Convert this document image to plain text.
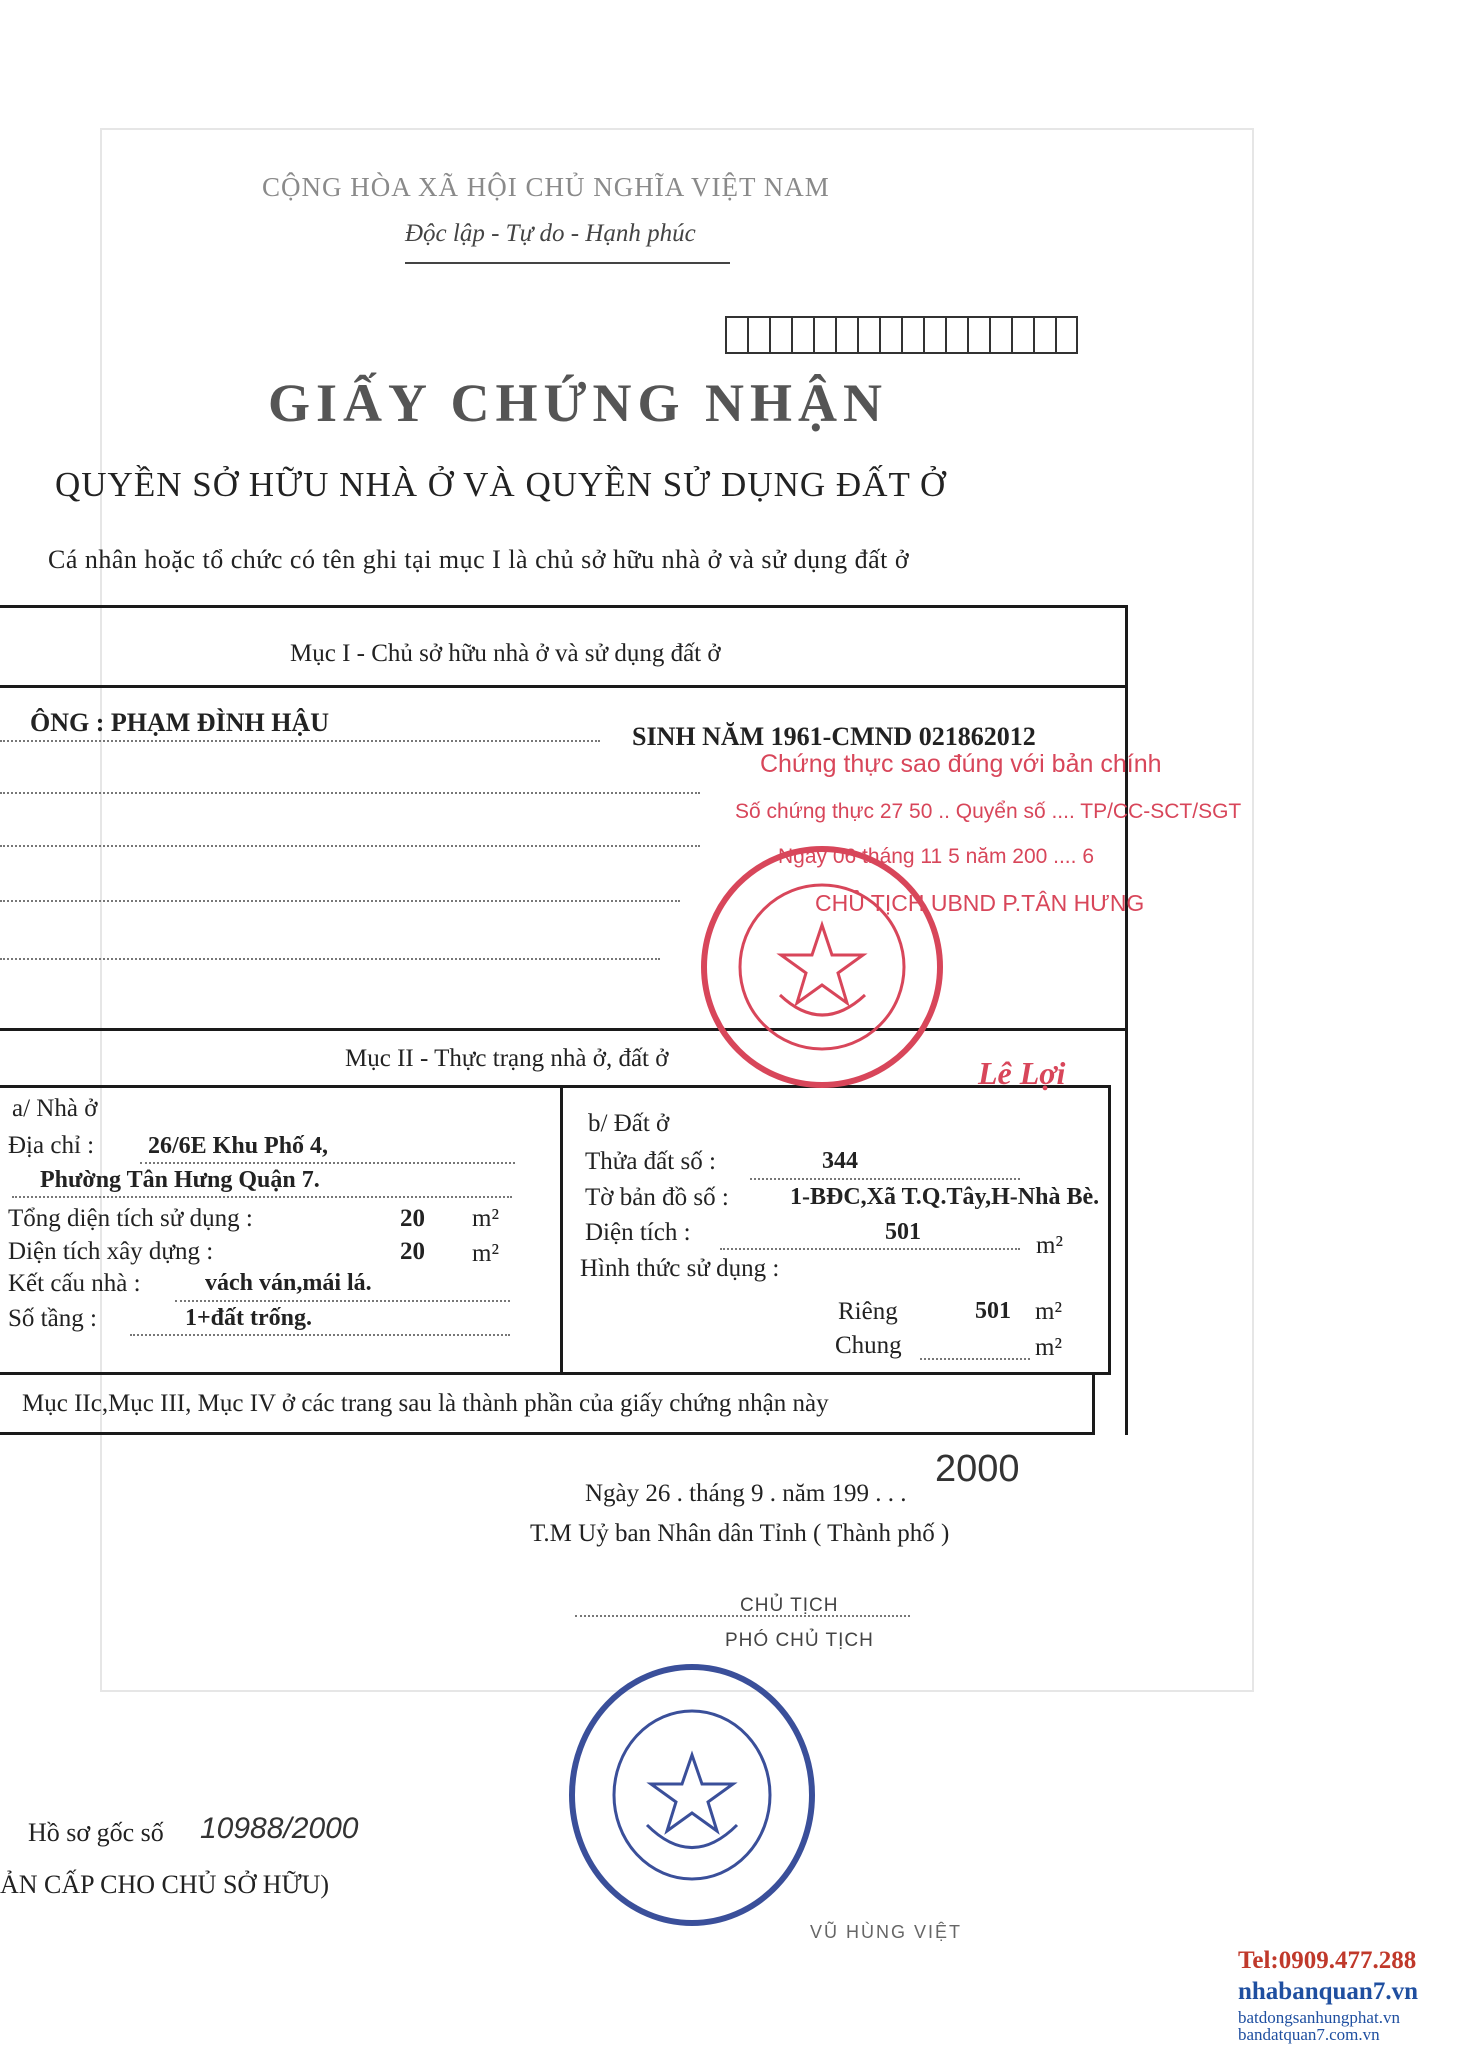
CỘNG HÒA XÃ HỘI CHỦ NGHĨA VIỆT NAM
Độc lập - Tự do - Hạnh phúc
GIẤY CHỨNG NHẬN
QUYỀN SỞ HỮU NHÀ Ở VÀ QUYỀN SỬ DỤNG ĐẤT Ở
Cá nhân hoặc tổ chức có tên ghi tại mục I là chủ sở hữu nhà ở và sử dụng đất ở
Mục I - Chủ sở hữu nhà ở và sử dụng đất ở
ÔNG : PHẠM ĐÌNH HẬU	SINH NĂM 1961-CMND 021862012
Mục II - Thực trạng nhà ở, đất ở
a/ Nhà ở
Địa chỉ : 26/6E Khu Phố 4,
Phường Tân Hưng Quận 7.
Tổng diện tích sử dụng :	20 m²
Diện tích xây dựng :	20 m²
Kết cấu nhà :	vách ván,mái lá.
Số tầng :	1+đất trống.
b/ Đất ở
Thửa đất số :	344
Tờ bản đồ số :	1-BĐC,Xã T.Q.Tây,H-Nhà Bè.
Diện tích :	501	m²
Hình thức sử dụng :
Riêng	501 m²
Chung	m²
Mục IIc,Mục III, Mục IV ở các trang sau là thành phần của giấy chứng nhận này
2000
Ngày 26 . tháng 9 . năm 199 . . .
T.M Uỷ ban Nhân dân Tỉnh ( Thành phố )
CHỦ TỊCH
PHÓ CHỦ TỊCH
VŨ HÙNG VIỆT
Chứng thực sao đúng với bản chính
Số chứng thực 27 50 .. Quyển số .... TP/CC-SCT/SGT
Ngày 06 tháng 11 5 năm 200 .... 6
CHỦ TỊCH UBND P.TÂN HƯNG
Lê Lợi
Hồ sơ gốc số 10988/2000
ẢN CẤP CHO CHỦ SỞ HỮU)
Tel:0909.477.288
nhabanquan7.vn
batdongsanhungphat.vn
bandatquan7.com.vn
